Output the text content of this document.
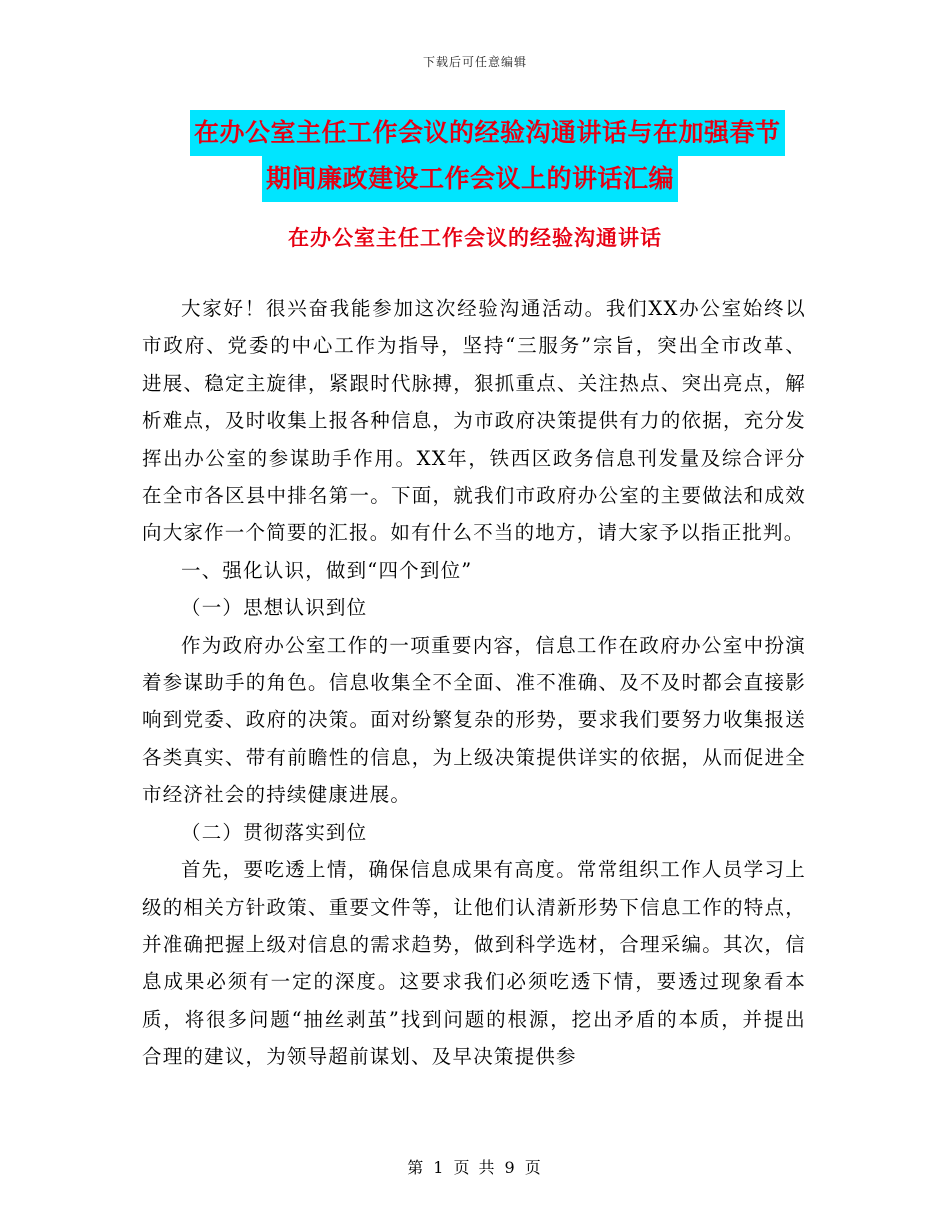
下载后可任意编辑
在办公室主任工作会议的经验沟通讲话与在加强春节
期间廉政建设工作会议上的讲话汇编
在办公室主任工作会议的经验沟通讲话

大家好！很兴奋我能参加这次经验沟通活动。我们XX办公室始终以市政府、党委的中心工作为指导，坚持“三服务”宗旨，突出全市改革、进展、稳定主旋律，紧跟时代脉搏，狠抓重点、关注热点、突出亮点，解析难点，及时收集上报各种信息，为市政府决策提供有力的依据，充分发挥出办公室的参谋助手作用。XX年，铁西区政务信息刊发量及综合评分在全市各区县中排名第一。下面，就我们市政府办公室的主要做法和成效向大家作一个简要的汇报。如有什么不当的地方，请大家予以指正批判。

一、强化认识，做到“四个到位”

（一）思想认识到位

作为政府办公室工作的一项重要内容，信息工作在政府办公室中扮演着参谋助手的角色。信息收集全不全面、准不准确、及不及时都会直接影响到党委、政府的决策。面对纷繁复杂的形势，要求我们要努力收集报送各类真实、带有前瞻性的信息，为上级决策提供详实的依据，从而促进全市经济社会的持续健康进展。

（二）贯彻落实到位

首先，要吃透上情，确保信息成果有高度。常常组织工作人员学习上级的相关方针政策、重要文件等，让他们认清新形势下信息工作的特点，并准确把握上级对信息的需求趋势，做到科学选材，合理采编。其次，信息成果必须有一定的深度。这要求我们必须吃透下情，要透过现象看本质，将很多问题“抽丝剥茧”找到问题的根源，挖出矛盾的本质，并提出合理的建议，为领导超前谋划、及早决策提供参

第 1 页 共 9 页
